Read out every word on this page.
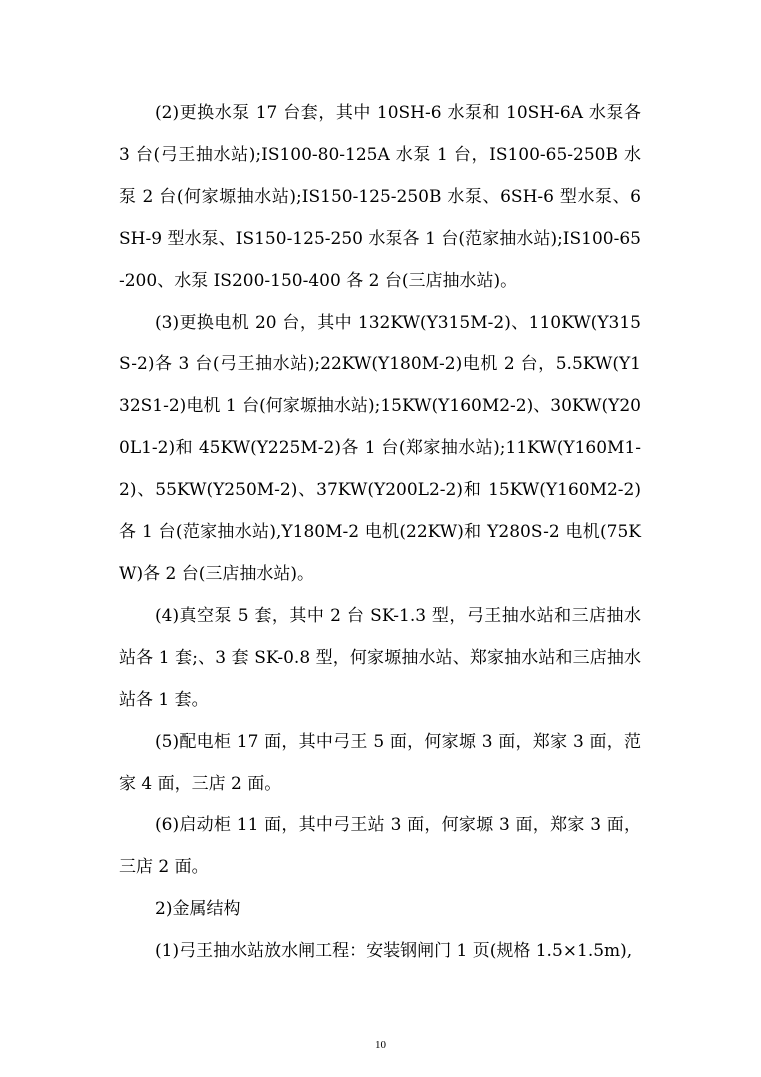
(2)更换水泵 17 台套，其中 10SH-6 水泵和 10SH-6A 水泵各 3 台(弓王抽水站);IS100-80-125A 水泵 1 台，IS100-65-250B 水泵 2 台(何家塬抽水站);IS150-125-250B 水泵、6SH-6 型水泵、6SH-9 型水泵、IS150-125-250 水泵各 1 台(范家抽水站);IS100-65-200、水泵 IS200-150-400 各 2 台(三店抽水站)。

(3)更换电机 20 台，其中 132KW(Y315M-2)、110KW(Y315S-2)各 3 台(弓王抽水站);22KW(Y180M-2)电机 2 台，5.5KW(Y132S1-2)电机 1 台(何家塬抽水站);15KW(Y160M2-2)、30KW(Y200L1-2)和 45KW(Y225M-2)各 1 台(郑家抽水站);11KW(Y160M1-2)、55KW(Y250M-2)、37KW(Y200L2-2)和 15KW(Y160M2-2)各 1 台(范家抽水站),Y180M-2 电机(22KW)和 Y280S-2 电机(75KW)各 2 台(三店抽水站)。

(4)真空泵 5 套，其中 2 台 SK-1.3 型，弓王抽水站和三店抽水站各 1 套;、3 套 SK-0.8 型，何家塬抽水站、郑家抽水站和三店抽水站各 1 套。

(5)配电柜 17 面，其中弓王 5 面，何家塬 3 面，郑家 3 面，范家 4 面，三店 2 面。

(6)启动柜 11 面，其中弓王站 3 面，何家塬 3 面，郑家 3 面，三店 2 面。

2)金属结构

(1)弓王抽水站放水闸工程：安装钢闸门 1 页(规格 1.5×1.5m),

10
